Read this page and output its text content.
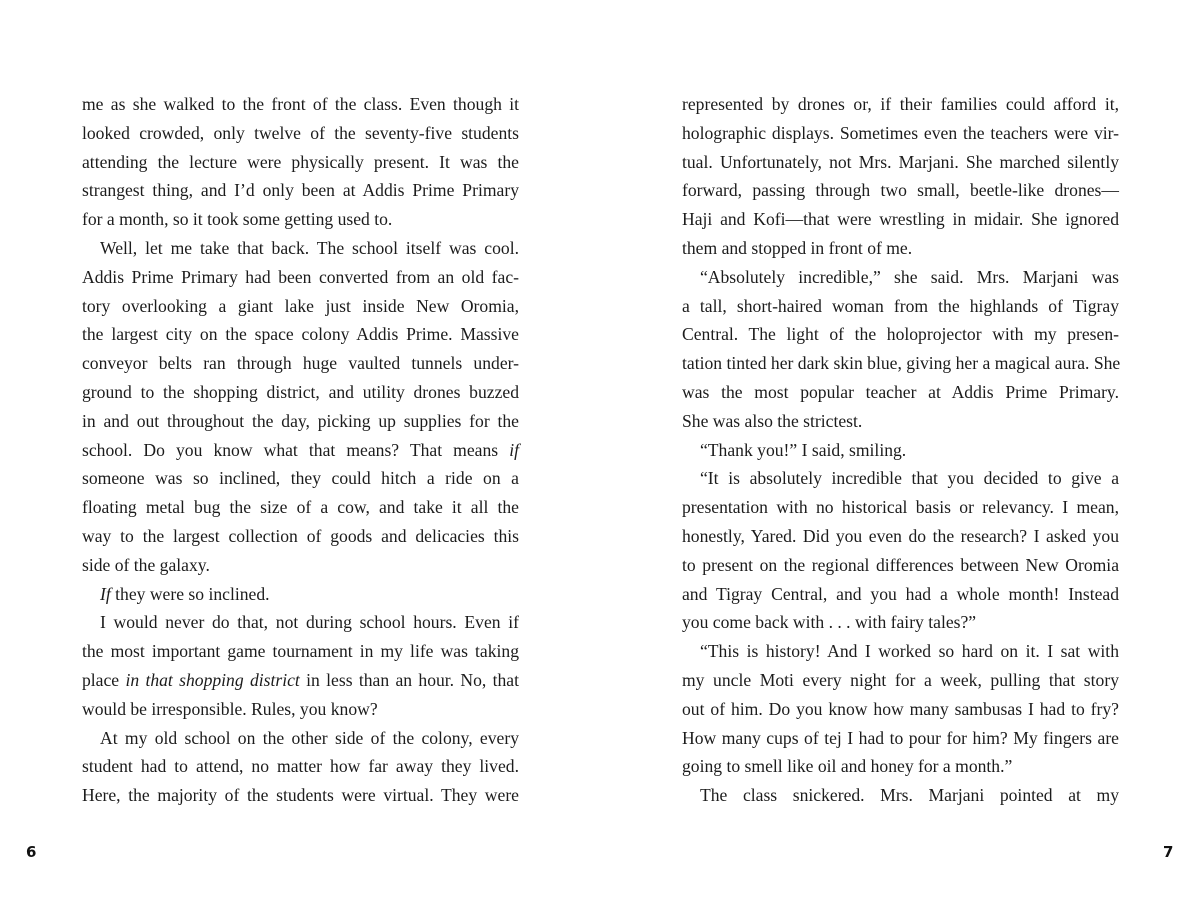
me as she walked to the front of the class. Even though it
looked crowded, only twelve of the seventy-five students
attending the lecture were physically present. It was the
strangest thing, and I’d only been at Addis Prime Primary
for a month, so it took some getting used to.
Well, let me take that back. The school itself was cool.
Addis Prime Primary had been converted from an old fac-
tory overlooking a giant lake just inside New Oromia,
the largest city on the space colony Addis Prime. Massive
conveyor belts ran through huge vaulted tunnels under-
ground to the shopping district, and utility drones buzzed
in and out throughout the day, picking up supplies for the
school. Do you know what that means? That means if
someone was so inclined, they could hitch a ride on a
floating metal bug the size of a cow, and take it all the
way to the largest collection of goods and delicacies this
side of the galaxy.
If they were so inclined.
I would never do that, not during school hours. Even if
the most important game tournament in my life was taking
place in that shopping district in less than an hour. No, that
would be irresponsible. Rules, you know?
At my old school on the other side of the colony, every
student had to attend, no matter how far away they lived.
Here, the majority of the students were virtual. They were
represented by drones or, if their families could afford it,
holographic displays. Sometimes even the teachers were vir-
tual. Unfortunately, not Mrs. Marjani. She marched silently
forward, passing through two small, beetle-like drones—
Haji and Kofi—that were wrestling in midair. She ignored
them and stopped in front of me.
“Absolutely incredible,” she said. Mrs. Marjani was
a tall, short-haired woman from the highlands of Tigray
Central. The light of the holoprojector with my presen-
tation tinted her dark skin blue, giving her a magical aura. She
was the most popular teacher at Addis Prime Primary.
She was also the strictest.
“Thank you!” I said, smiling.
“It is absolutely incredible that you decided to give a
presentation with no historical basis or relevancy. I mean,
honestly, Yared. Did you even do the research? I asked you
to present on the regional differences between New Oromia
and Tigray Central, and you had a whole month! Instead
you come back with . . . with fairy tales?”
“This is history! And I worked so hard on it. I sat with
my uncle Moti every night for a week, pulling that story
out of him. Do you know how many sambusas I had to fry?
How many cups of tej I had to pour for him? My fingers are
going to smell like oil and honey for a month.”
The class snickered. Mrs. Marjani pointed at my
6	7
